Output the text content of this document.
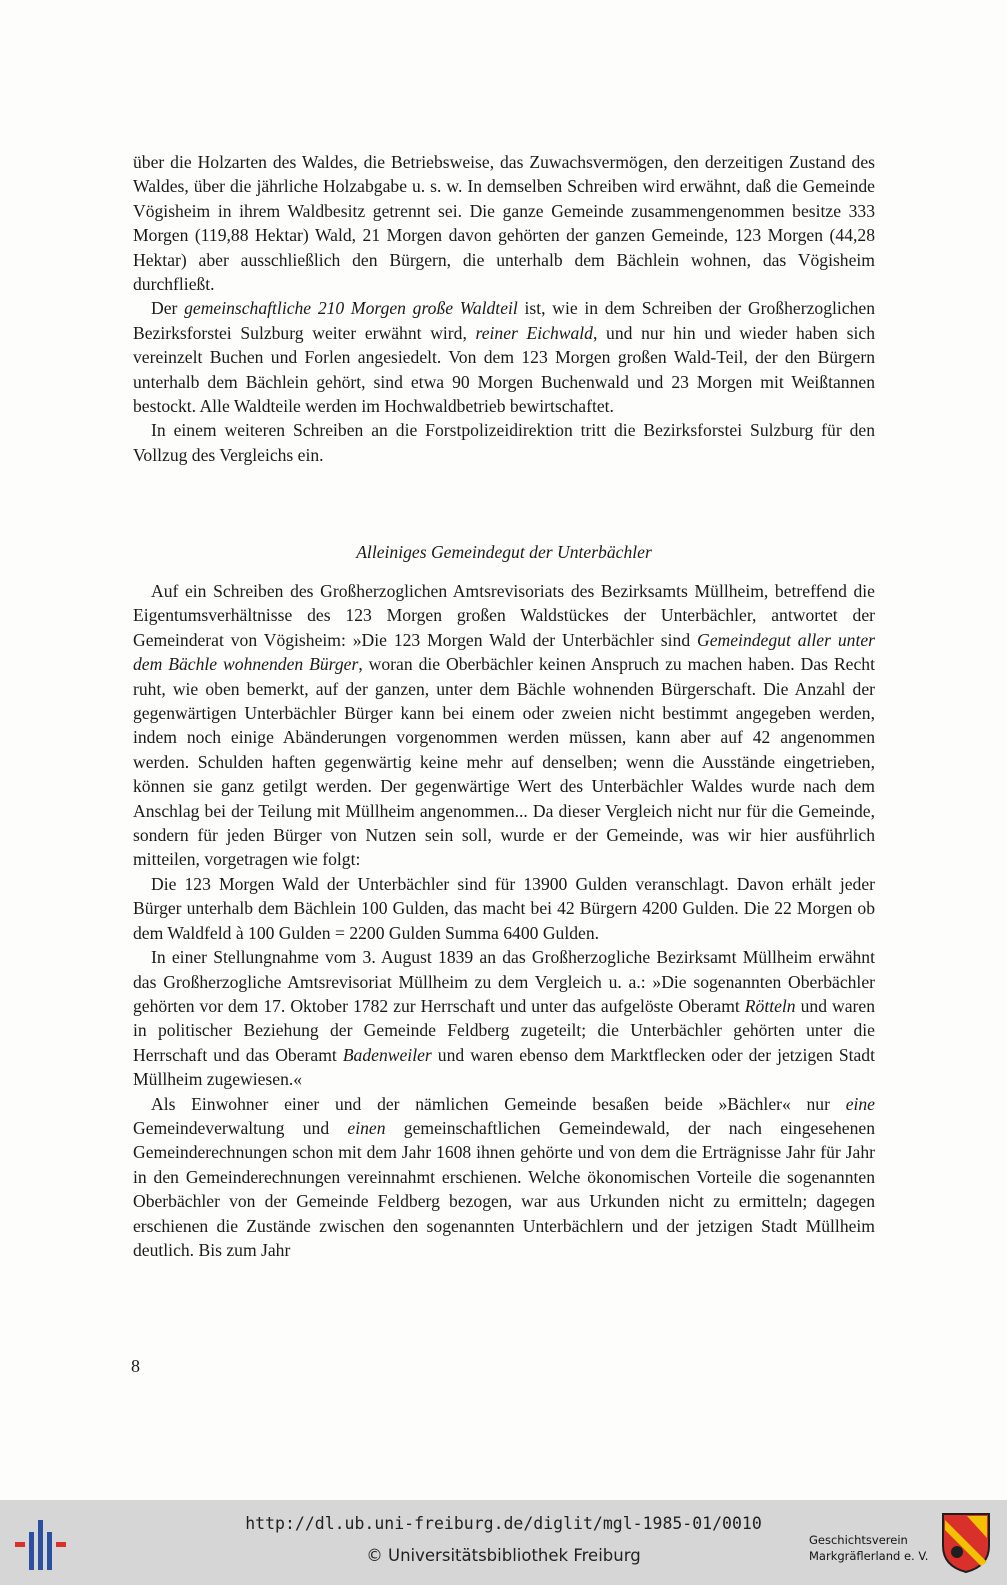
über die Holzarten des Waldes, die Betriebsweise, das Zuwachsvermögen, den derzeitigen Zustand des Waldes, über die jährliche Holzabgabe u. s. w. In demselben Schreiben wird erwähnt, daß die Gemeinde Vögisheim in ihrem Waldbesitz getrennt sei. Die ganze Gemeinde zusammengenommen besitze 333 Morgen (119,88 Hektar) Wald, 21 Morgen davon gehörten der ganzen Gemeinde, 123 Morgen (44,28 Hektar) aber ausschließlich den Bürgern, die unterhalb dem Bächlein wohnen, das Vögisheim durchfließt.

Der gemeinschaftliche 210 Morgen große Waldteil ist, wie in dem Schreiben der Großherzoglichen Bezirksforstei Sulzburg weiter erwähnt wird, reiner Eichwald, und nur hin und wieder haben sich vereinzelt Buchen und Forlen angesiedelt. Von dem 123 Morgen großen Wald-Teil, der den Bürgern unterhalb dem Bächlein gehört, sind etwa 90 Morgen Buchenwald und 23 Morgen mit Weißtannen bestockt. Alle Waldteile werden im Hochwaldbetrieb bewirtschaftet.

In einem weiteren Schreiben an die Forstpolizeidirektion tritt die Bezirksforstei Sulzburg für den Vollzug des Vergleichs ein.

Alleiniges Gemeindegut der Unterbächler

Auf ein Schreiben des Großherzoglichen Amtsrevisoriats des Bezirksamts Müllheim, betreffend die Eigentumsverhältnisse des 123 Morgen großen Waldstückes der Unterbächler, antwortet der Gemeinderat von Vögisheim: »Die 123 Morgen Wald der Unterbächler sind Gemeindegut aller unter dem Bächle wohnenden Bürger, woran die Oberbächler keinen Anspruch zu machen haben. Das Recht ruht, wie oben bemerkt, auf der ganzen, unter dem Bächle wohnenden Bürgerschaft. Die Anzahl der gegenwärtigen Unterbächler Bürger kann bei einem oder zweien nicht bestimmt angegeben werden, indem noch einige Abänderungen vorgenommen werden müssen, kann aber auf 42 angenommen werden. Schulden haften gegenwärtig keine mehr auf denselben; wenn die Ausstände eingetrieben, können sie ganz getilgt werden. Der gegenwärtige Wert des Unterbächler Waldes wurde nach dem Anschlag bei der Teilung mit Müllheim angenommen... Da dieser Vergleich nicht nur für die Gemeinde, sondern für jeden Bürger von Nutzen sein soll, wurde er der Gemeinde, was wir hier ausführlich mitteilen, vorgetragen wie folgt:

Die 123 Morgen Wald der Unterbächler sind für 13900 Gulden veranschlagt. Davon erhält jeder Bürger unterhalb dem Bächlein 100 Gulden, das macht bei 42 Bürgern 4200 Gulden. Die 22 Morgen ob dem Waldfeld à 100 Gulden = 2200 Gulden Summa 6400 Gulden.

In einer Stellungnahme vom 3. August 1839 an das Großherzogliche Bezirksamt Müllheim erwähnt das Großherzogliche Amtsrevisoriat Müllheim zu dem Vergleich u. a.: »Die sogenannten Oberbächler gehörten vor dem 17. Oktober 1782 zur Herrschaft und unter das aufgelöste Oberamt Rötteln und waren in politischer Beziehung der Gemeinde Feldberg zugeteilt; die Unterbächler gehörten unter die Herrschaft und das Oberamt Badenweiler und waren ebenso dem Marktflecken oder der jetzigen Stadt Müllheim zugewiesen.«

Als Einwohner einer und der nämlichen Gemeinde besaßen beide »Bächler« nur eine Gemeindeverwaltung und einen gemeinschaftlichen Gemeindewald, der nach eingesehenen Gemeinderechnungen schon mit dem Jahr 1608 ihnen gehörte und von dem die Erträgnisse Jahr für Jahr in den Gemeinderechnungen vereinnahmt erschienen. Welche ökonomischen Vorteile die sogenannten Oberbächler von der Gemeinde Feldberg bezogen, war aus Urkunden nicht zu ermitteln; dagegen erschienen die Zustände zwischen den sogenannten Unterbächlern und der jetzigen Stadt Müllheim deutlich. Bis zum Jahr

8
http://dl.ub.uni-freiburg.de/diglit/mgl-1985-01/0010
© Universitätsbibliothek Freiburg
Geschichtsverein
Markgräflerland e. V.
